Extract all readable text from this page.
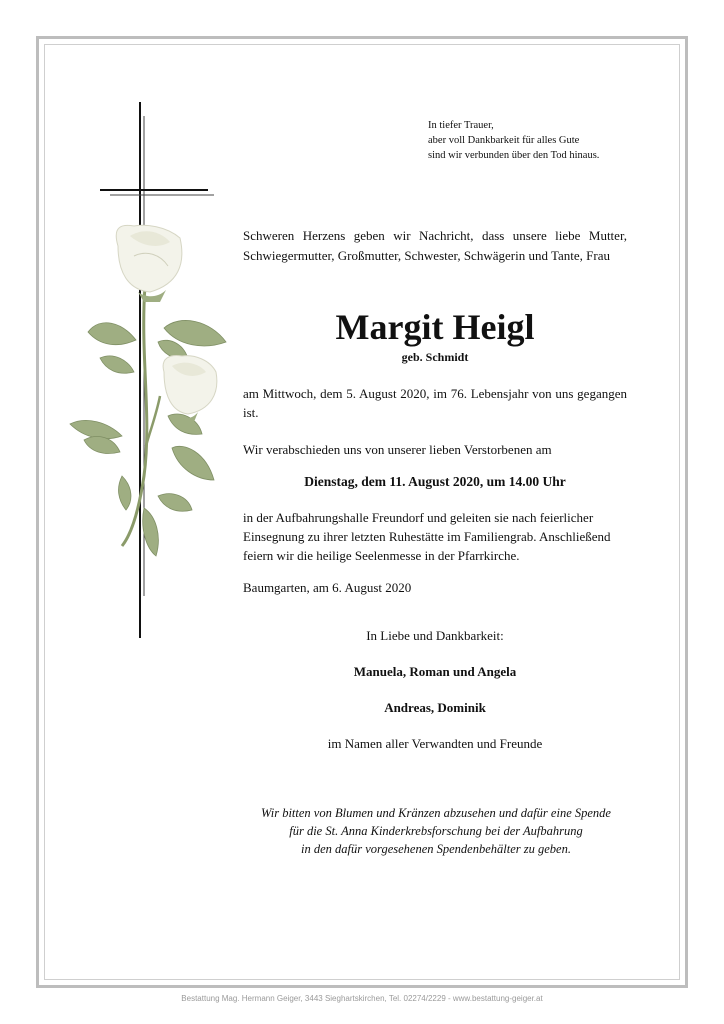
In tiefer Trauer,
aber voll Dankbarkeit für alles Gute
sind wir verbunden über den Tod hinaus.
Schweren Herzens geben wir Nachricht, dass unsere liebe Mutter, Schwiegermutter, Großmutter, Schwester, Schwägerin und Tante, Frau
Margit Heigl
geb. Schmidt
am Mittwoch, dem 5. August 2020, im 76. Lebensjahr von uns gegangen ist.
Wir verabschieden uns von unserer lieben Verstorbenen am
Dienstag, dem 11. August 2020, um 14.00 Uhr
in der Aufbahrungshalle Freundorf und geleiten sie nach feierlicher Einsegnung zu ihrer letzten Ruhestätte im Familiengrab. Anschließend feiern wir die heilige Seelenmesse in der Pfarrkirche.
Baumgarten, am 6. August 2020
In Liebe und Dankbarkeit:
Manuela, Roman und Angela
Andreas, Dominik
im Namen aller Verwandten und Freunde
Wir bitten von Blumen und Kränzen abzusehen und dafür eine Spende
für die St. Anna Kinderkrebsforschung bei der Aufbahrung
in den dafür vorgesehenen Spendenbehälter zu geben.
Bestattung Mag. Hermann Geiger, 3443 Sieghartskirchen, Tel. 02274/2229 - www.bestattung-geiger.at
